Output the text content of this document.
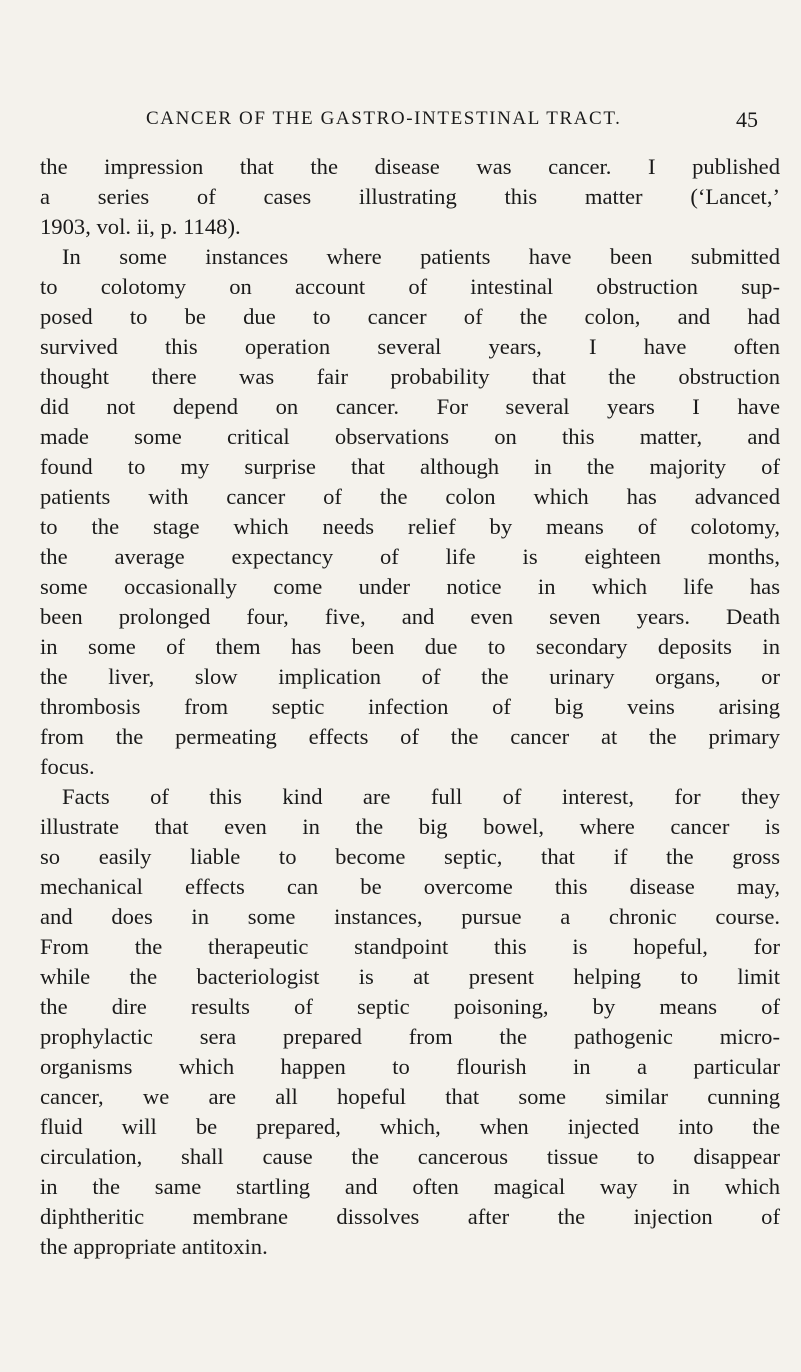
CANCER OF THE GASTRO-INTESTINAL TRACT.	45
the impression that the disease was cancer. I published
a series of cases illustrating this matter (‘Lancet,’
1903, vol. ii, p. 1148).
In some instances where patients have been submitted
to colotomy on account of intestinal obstruction sup-
posed to be due to cancer of the colon, and had
survived this operation several years, I have often
thought there was fair probability that the obstruction
did not depend on cancer. For several years I have
made some critical observations on this matter, and
found to my surprise that although in the majority of
patients with cancer of the colon which has advanced
to the stage which needs relief by means of colotomy,
the average expectancy of life is eighteen months,
some occasionally come under notice in which life has
been prolonged four, five, and even seven years. Death
in some of them has been due to secondary deposits in
the liver, slow implication of the urinary organs, or
thrombosis from septic infection of big veins arising
from the permeating effects of the cancer at the primary
focus.
Facts of this kind are full of interest, for they
illustrate that even in the big bowel, where cancer is
so easily liable to become septic, that if the gross
mechanical effects can be overcome this disease may,
and does in some instances, pursue a chronic course.
From the therapeutic standpoint this is hopeful, for
while the bacteriologist is at present helping to limit
the dire results of septic poisoning, by means of
prophylactic sera prepared from the pathogenic micro-
organisms which happen to flourish in a particular
cancer, we are all hopeful that some similar cunning
fluid will be prepared, which, when injected into the
circulation, shall cause the cancerous tissue to disappear
in the same startling and often magical way in which
diphtheritic membrane dissolves after the injection of
the appropriate antitoxin.
